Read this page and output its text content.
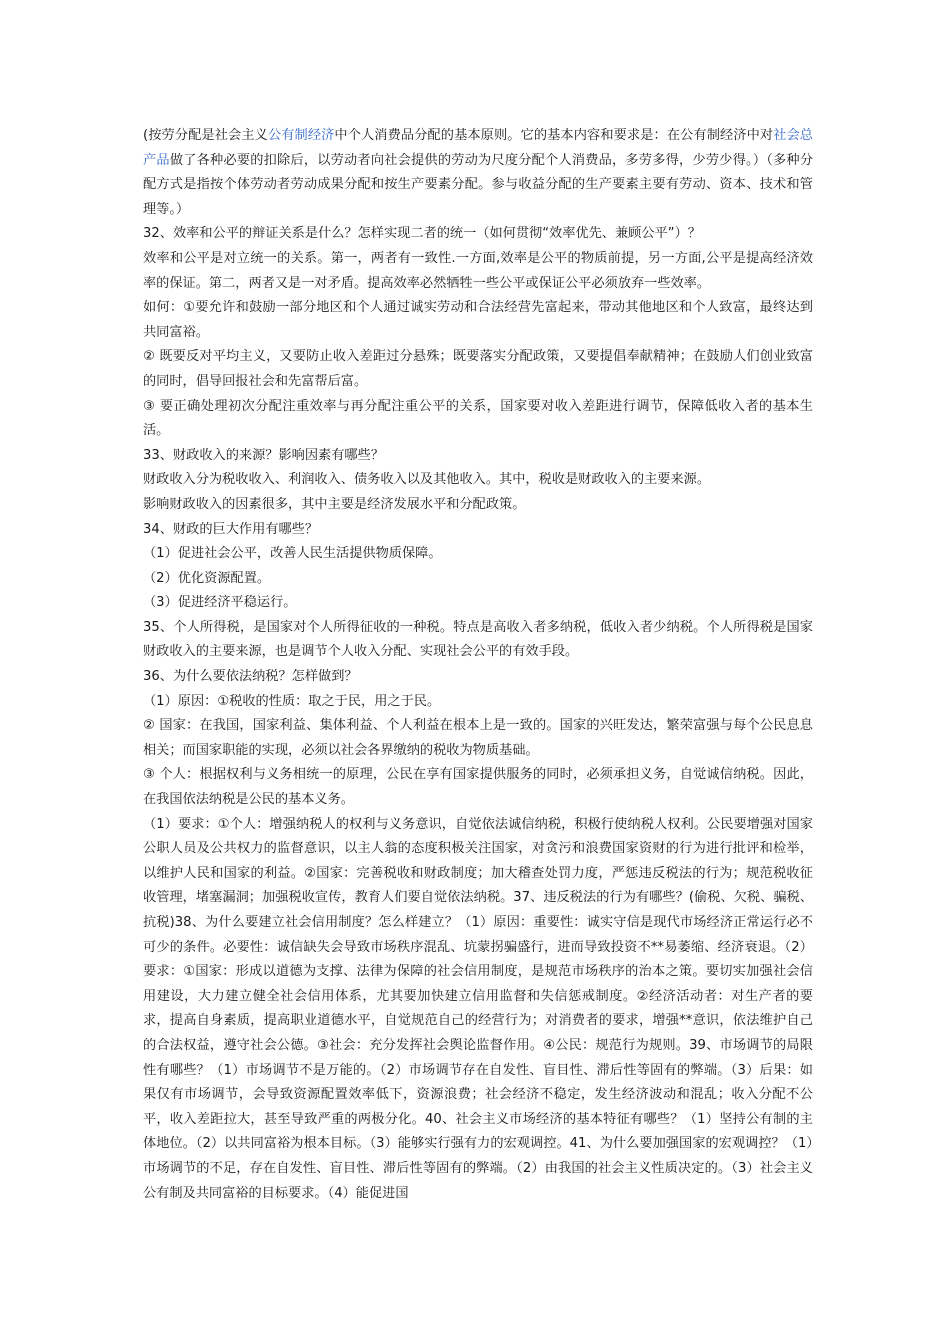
(按劳分配是社会主义公有制经济中个人消费品分配的基本原则。它的基本内容和要求是：在公有制经济中对社会总产品做了各种必要的扣除后，以劳动者向社会提供的劳动为尺度分配个人消费品，多劳多得，少劳少得。）（多种分配方式是指按个体劳动者劳动成果分配和按生产要素分配。参与收益分配的生产要素主要有劳动、资本、技术和管理等。）

32、效率和公平的辩证关系是什么？怎样实现二者的统一（如何贯彻“效率优先、兼顾公平”）？

效率和公平是对立统一的关系。第一，两者有一致性.一方面,效率是公平的物质前提，另一方面,公平是提高经济效率的保证。第二，两者又是一对矛盾。提高效率必然牺牲一些公平或保证公平必须放弃一些效率。

如何：①要允许和鼓励一部分地区和个人通过诚实劳动和合法经营先富起来，带动其他地区和个人致富，最终达到共同富裕。

② 既要反对平均主义，又要防止收入差距过分悬殊；既要落实分配政策，又要提倡奉献精神；在鼓励人们创业致富的同时，倡导回报社会和先富帮后富。

③ 要正确处理初次分配注重效率与再分配注重公平的关系，国家要对收入差距进行调节，保障低收入者的基本生活。

33、财政收入的来源？影响因素有哪些？

财政收入分为税收收入、利润收入、债务收入以及其他收入。其中，税收是财政收入的主要来源。

影响财政收入的因素很多，其中主要是经济发展水平和分配政策。

34、财政的巨大作用有哪些？

（1）促进社会公平，改善人民生活提供物质保障。

（2）优化资源配置。

（3）促进经济平稳运行。

35、个人所得税，是国家对个人所得征收的一种税。特点是高收入者多纳税，低收入者少纳税。个人所得税是国家财政收入的主要来源，也是调节个人收入分配、实现社会公平的有效手段。

36、为什么要依法纳税？怎样做到？

（1）原因：①税收的性质：取之于民，用之于民。

② 国家：在我国，国家利益、集体利益、个人利益在根本上是一致的。国家的兴旺发达，繁荣富强与每个公民息息相关；而国家职能的实现，必须以社会各界缴纳的税收为物质基础。

③ 个人：根据权利与义务相统一的原理，公民在享有国家提供服务的同时，必须承担义务，自觉诚信纳税。因此，在我国依法纳税是公民的基本义务。

（1）要求：①个人：增强纳税人的权利与义务意识，自觉依法诚信纳税，积极行使纳税人权利。公民要增强对国家公职人员及公共权力的监督意识，以主人翁的态度积极关注国家，对贪污和浪费国家资财的行为进行批评和检举，以维护人民和国家的利益。②国家：完善税收和财政制度；加大稽查处罚力度，严惩违反税法的行为；规范税收征收管理，堵塞漏洞；加强税收宣传，教育人们要自觉依法纳税。37、违反税法的行为有哪些？(偷税、欠税、骗税、抗税)38、为什么要建立社会信用制度？怎么样建立？（1）原因：重要性：诚实守信是现代市场经济正常运行必不可少的条件。必要性：诚信缺失会导致市场秩序混乱、坑蒙拐骗盛行，进而导致投资不**易萎缩、经济衰退。（2）要求：①国家：形成以道德为支撑、法律为保障的社会信用制度，是规范市场秩序的治本之策。要切实加强社会信用建设，大力建立健全社会信用体系，尤其要加快建立信用监督和失信惩戒制度。②经济活动者：对生产者的要求，提高自身素质，提高职业道德水平，自觉规范自己的经营行为；对消费者的要求，增强**意识，依法维护自己的合法权益，遵守社会公德。③社会：充分发挥社会舆论监督作用。④公民：规范行为规则。39、市场调节的局限性有哪些？（1）市场调节不是万能的。（2）市场调节存在自发性、盲目性、滞后性等固有的弊端。（3）后果：如果仅有市场调节，会导致资源配置效率低下，资源浪费；社会经济不稳定，发生经济波动和混乱；收入分配不公平，收入差距拉大，甚至导致严重的两极分化。40、社会主义市场经济的基本特征有哪些？（1）坚持公有制的主体地位。（2）以共同富裕为根本目标。（3）能够实行强有力的宏观调控。41、为什么要加强国家的宏观调控？（1）市场调节的不足，存在自发性、盲目性、滞后性等固有的弊端。（2）由我国的社会主义性质决定的。（3）社会主义公有制及共同富裕的目标要求。（4）能促进国
